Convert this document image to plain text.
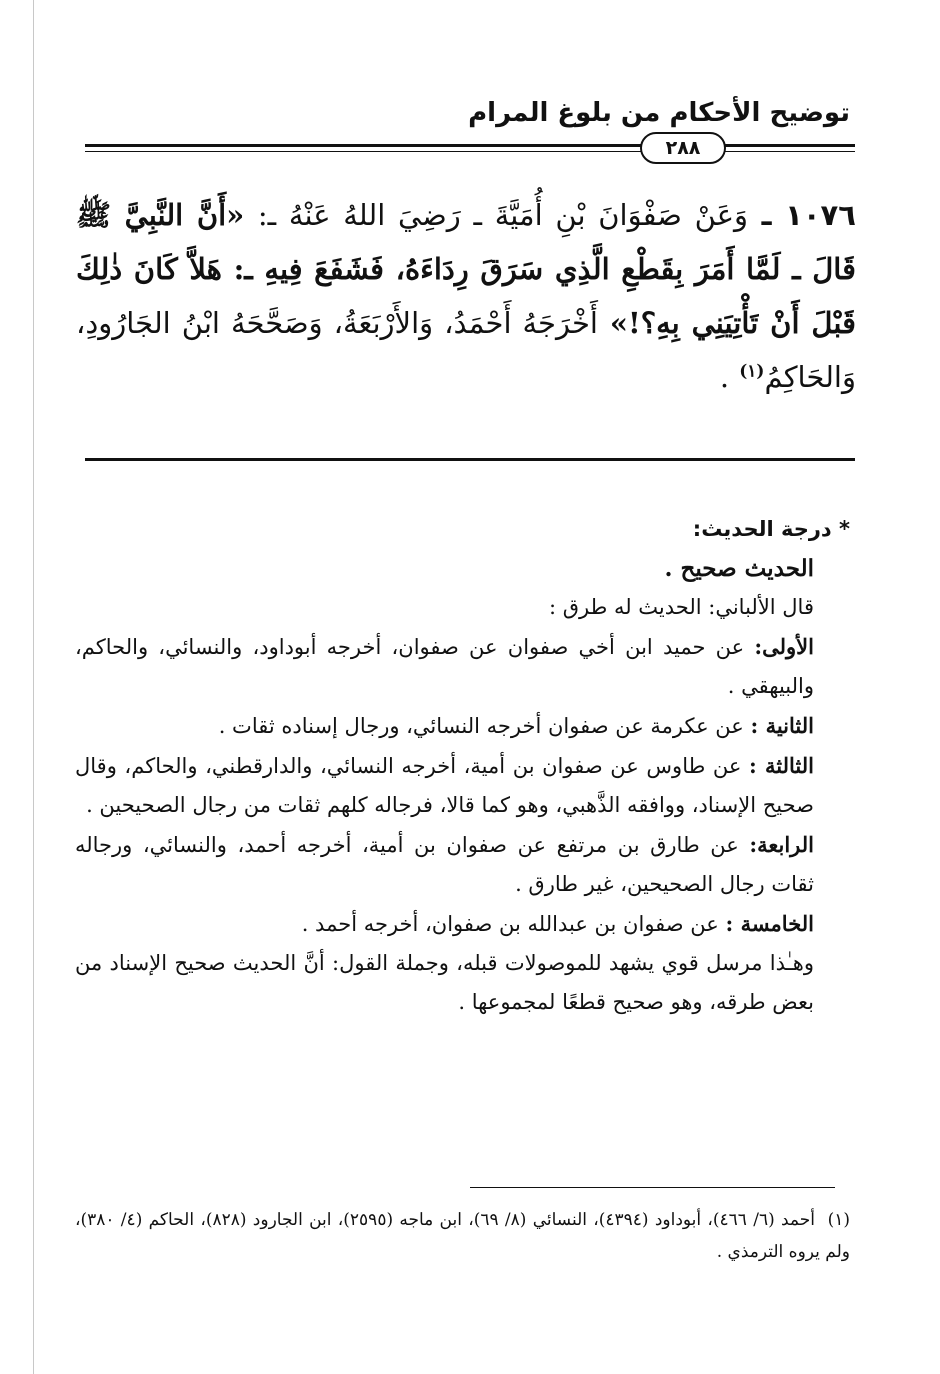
توضيح الأحكام من بلوغ المرام
٢٨٨
١٠٧٦ ـ وَعَنْ صَفْوَانَ بْنِ أُمَيَّةَ ـ رَضِيَ اللهُ عَنْهُ ـ: «أَنَّ النَّبِيَّ ﷺ قَالَ ـ لَمَّا أَمَرَ بِقَطْعِ الَّذِي سَرَقَ رِدَاءَهُ، فَشَفَعَ فِيهِ ـ: هَلاَّ كَانَ ذٰلِكَ قَبْلَ أَنْ تَأْتِيَنِي بِهِ؟!» أَخْرَجَهُ أَحْمَدُ، وَالأَرْبَعَةُ، وَصَحَّحَهُ ابْنُ الجَارُودِ، وَالحَاكِمُ$^{(١)}$ .

* درجة الحديث:

الحديث صحيح .

قال الألباني: الحديث له طرق :

الأولى: عن حميد ابن أخي صفوان عن صفوان، أخرجه أبوداود، والنسائي، والحاكم، والبيهقي .

الثانية : عن عكرمة عن صفوان أخرجه النسائي، ورجال إسناده ثقات .

الثالثة : عن طاوس عن صفوان بن أمية، أخرجه النسائي، والدارقطني، والحاكم، وقال صحيح الإسناد، ووافقه الذَّهبي، وهو كما قالا، فرجاله كلهم ثقات من رجال الصحيحين .

الرابعة: عن طارق بن مرتفع عن صفوان بن أمية، أخرجه أحمد، والنسائي، ورجاله ثقات رجال الصحيحين، غير طارق .

الخامسة : عن صفوان بن عبدالله بن صفوان، أخرجه أحمد .

وهـٰذا مرسل قوي يشهد للموصولات قبله، وجملة القول: أنَّ الحديث صحيح الإسناد من بعض طرقه، وهو صحيح قطعًا لمجموعها .

(١)  أحمد (٦/ ٤٦٦)، أبوداود (٤٣٩٤)، النسائي (٨/ ٦٩)، ابن ماجه (٢٥٩٥)، ابن الجارود (٨٢٨)، الحاكم (٤/ ٣٨٠)، ولم يروه الترمذي .
